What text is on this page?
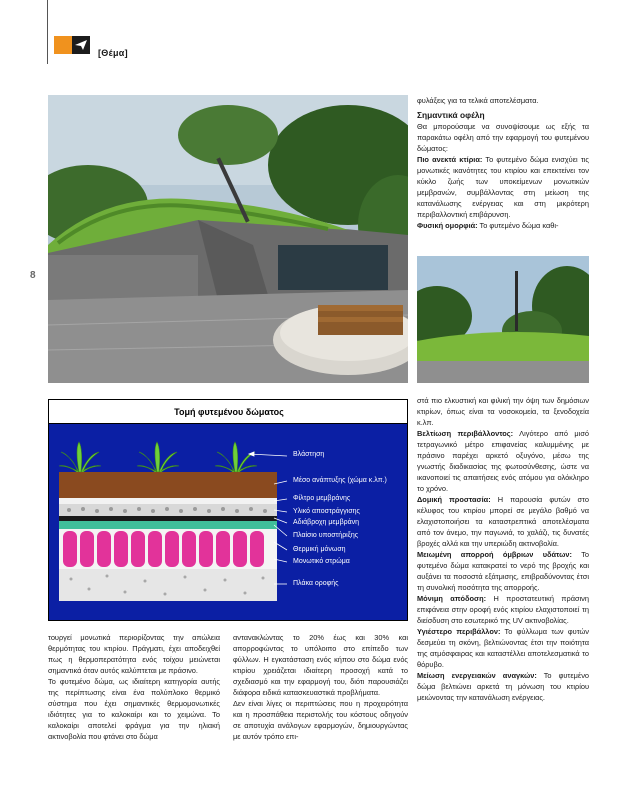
[Θέμα]
8

φυλάξεις για τα τελικά αποτελέσματα.

Σημαντικά οφέλη

Θα μπορούσαμε να συνοψίσουμε ως εξής τα παρακάτω οφέλη από την εφαρμογή του φυτεμένου δώματος:

Πιο ανεκτά κτίρια: Το φυτεμένο δώμα ενισχύει τις μονωτικές ικανότητες του κτιρίου και επεκτείνει τον κύκλο ζωής των υποκείμενων μονωτικών μεμβρανών, συμβάλλοντας στη μείωση της κατανάλωσης ενέργειας και στη μικρότερη περιβαλλοντική επιβάρυνση.

Φυσική ομορφιά: Το φυτεμένο δώμα καθι-

στά πιο ελκυστική και φιλική την όψη των δημόσιων κτιρίων, όπως είναι τα νοσοκομεία, τα ξενοδοχεία κ.λπ.

Βελτίωση περιβάλλοντος: Λιγότερο από μισό τετραγωνικό μέτρο επιφανείας καλυμμένης με πράσινο παρέχει αρκετό οξυγόνο, μέσω της γνωστής διαδικασίας της φωτοσύνθεσης, ώστε να ικανοποιεί τις απαιτήσεις ενός ατόμου για ολόκληρο το χρόνο.

Δομική προστασία: Η παρουσία φυτών στο κέλυφος του κτιρίου μπορεί σε μεγάλο βαθμό να ελαχιστοποιήσει τα καταστρεπτικά αποτελέσματα από τον άνεμο, την παγωνιά, το χαλάζι, τις δυνατές βροχές αλλά και την υπεριώδη ακτινοβολία.

Μειωμένη απορροή όμβριων υδάτων: Το φυτεμένο δώμα κατακρατεί το νερό της βροχής και αυξάνει τα ποσοστά εξάτμισης, επιβραδύνοντας έτσι τη συνολική ποσότητα της απορροής.

Μόνιμη απόδοση: Η προστατευτική πράσινη επιφάνεια στην οροφή ενός κτιρίου ελαχιστοποιεί τη διείσδυση στο εσωτερικό της UV ακτινοβολίας.

Υγιέστερο περιβάλλον: Το φύλλωμα των φυτών δεσμεύει τη σκόνη, βελτιώνοντας έτσι την ποιότητα της ατμόσφαιρας και καταστέλλει αποτελεσματικά το θόρυβο.

Μείωση ενεργειακών αναγκών: Το φυτεμένο δώμα βελτιώνει αρκετά τη μόνωση του κτιρίου μειώνοντας την κατανάλωση ενέργειας.

Τομή φυτεμένου δώματος
Βλάστηση
Μέσο ανάπτυξης (χώμα κ.λπ.)
Φίλτρο μεμβράνης
Υλικό αποστράγγισης
Αδιάβροχη μεμβράνη
Πλαίσιο υποστήριξης
Θερμική μόνωση
Μονωτικό στρώμα
Πλάκα οροφής

τουργεί μονωτικά περιορίζοντας την απώλεια θερμότητας του κτιρίου. Πράγματι, έχει αποδειχθεί πως η θερμοπερατότητα ενός τοίχου μειώνεται σημαντικά όταν αυτός καλύπτεται με πράσινο.

Το φυτεμένο δώμα, ως ιδιαίτερη κατηγορία αυτής της περίπτωσης είναι ένα πολύπλοκο θερμικό σύστημα που έχει σημαντικές θερμομονωτικές ιδιότητες για το καλοκαίρι και το χειμώνα. Το καλοκαίρι αποτελεί φράγμα για την ηλιακή ακτινοβολία που φτάνει στο δώμα

αντανακλώντας το 20% έως και 30% και απορροφώντας το υπόλοιπο στο επίπεδο των φύλλων. Η εγκατάσταση ενός κήπου στο δώμα ενός κτιρίου χρειάζεται ιδιαίτερη προσοχή κατά το σχεδιασμό και την εφαρμογή του, διότι παρουσιάζει διάφορα ειδικά κατασκευαστικά προβλήματα.

Δεν είναι λίγες οι περιπτώσεις που η προχειρότητα και η προσπάθεια περιστολής του κόστους οδηγούν σε αποτυχία ανάλογων εφαρμογών, δημιουργώντας με αυτόν τρόπο επι-
